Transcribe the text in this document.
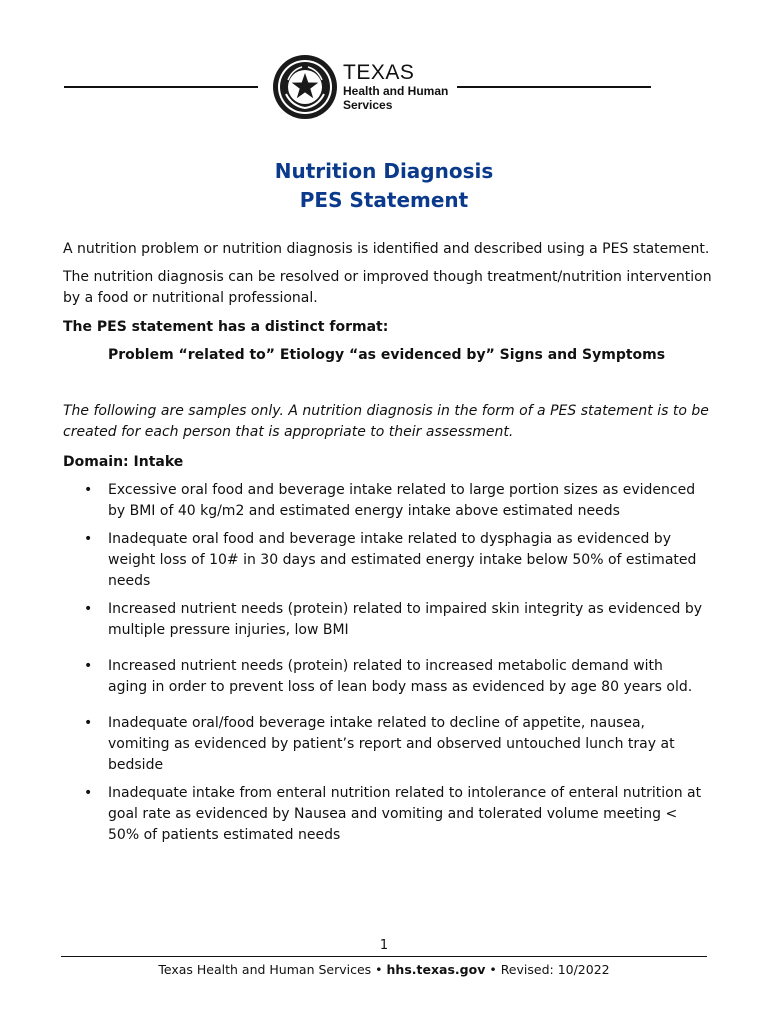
TEXAS
Health and Human
Services
Nutrition Diagnosis
PES Statement
A nutrition problem or nutrition diagnosis is identified and described using a PES statement.
The nutrition diagnosis can be resolved or improved though treatment/nutrition intervention by a food or nutritional professional.
The PES statement has a distinct format:
Problem “related to” Etiology “as evidenced by” Signs and Symptoms
The following are samples only. A nutrition diagnosis in the form of a PES statement is to be created for each person that is appropriate to their assessment.
Domain: Intake
•	Excessive oral food and beverage intake related to large portion sizes as evidenced by BMI of 40 kg/m2 and estimated energy intake above estimated needs
•	Inadequate oral food and beverage intake related to dysphagia as evidenced by weight loss of 10# in 30 days and estimated energy intake below 50% of estimated needs
•	Increased nutrient needs (protein) related to impaired skin integrity as evidenced by multiple pressure injuries, low BMI
•	Increased nutrient needs (protein) related to increased metabolic demand with aging in order to prevent loss of lean body mass as evidenced by age 80 years old.
•	Inadequate oral/food beverage intake related to decline of appetite, nausea, vomiting as evidenced by patient’s report and observed untouched lunch tray at bedside
•	Inadequate intake from enteral nutrition related to intolerance of enteral nutrition at goal rate as evidenced by Nausea and vomiting and tolerated volume meeting < 50% of patients estimated needs
1
Texas Health and Human Services • hhs.texas.gov • Revised: 10/2022
